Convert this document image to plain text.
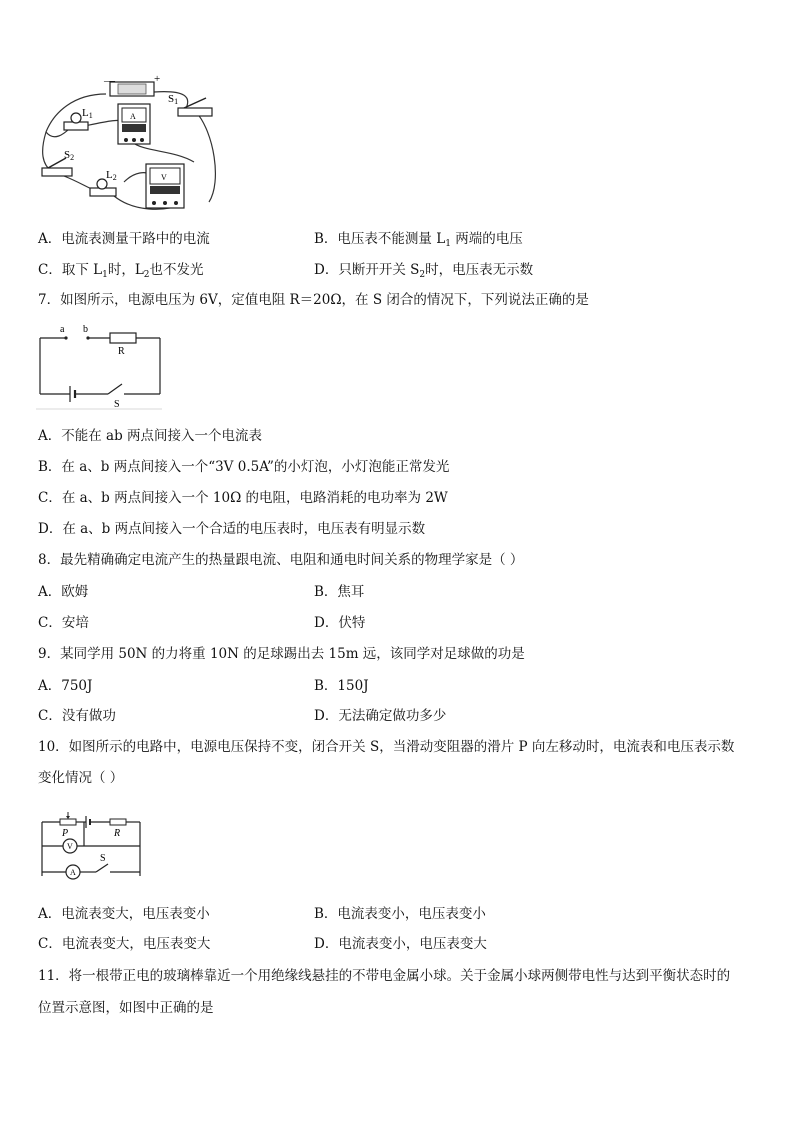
—	+
S1
L1	A
S2
L2	V
A．电流表测量干路中的电流	B．电压表不能测量 $L_1$ 两端的电压
C．取下 $L_1$时，$L_2$也不发光	D．只断开开关 $S_2$时，电压表无示数
7．如图所示，电源电压为 6V，定值电阻 R＝20Ω，在 S 闭合的情况下，下列说法正确的是
a b
R
S
A．不能在 ab 两点间接入一个电流表
B．在 a、b 两点间接入一个“3V 0.5A”的小灯泡，小灯泡能正常发光
C．在 a、b 两点间接入一个 10Ω 的电阻，电路消耗的电功率为 2W
D．在 a、b 两点间接入一个合适的电压表时，电压表有明显示数
8．最先精确确定电流产生的热量跟电流、电阻和通电时间关系的物理学家是（ ）
A．欧姆	B．焦耳
C．安培	D．伏特
9．某同学用 50N 的力将重 10N 的足球踢出去 15m 远，该同学对足球做的功是
A．750J	B．150J
C．没有做功	D．无法确定做功多少
10．如图所示的电路中，电源电压保持不变，闭合开关 S，当滑动变阻器的滑片 P 向左移动时，电流表和电压表示数
变化情况（ ）
P	R
V
A
S
A．电流表变大，电压表变小	B．电流表变小，电压表变小
C．电流表变大，电压表变大	D．电流表变小，电压表变大
11．将一根带正电的玻璃棒靠近一个用绝缘线悬挂的不带电金属小球。关于金属小球两侧带电性与达到平衡状态时的
位置示意图，如图中正确的是
